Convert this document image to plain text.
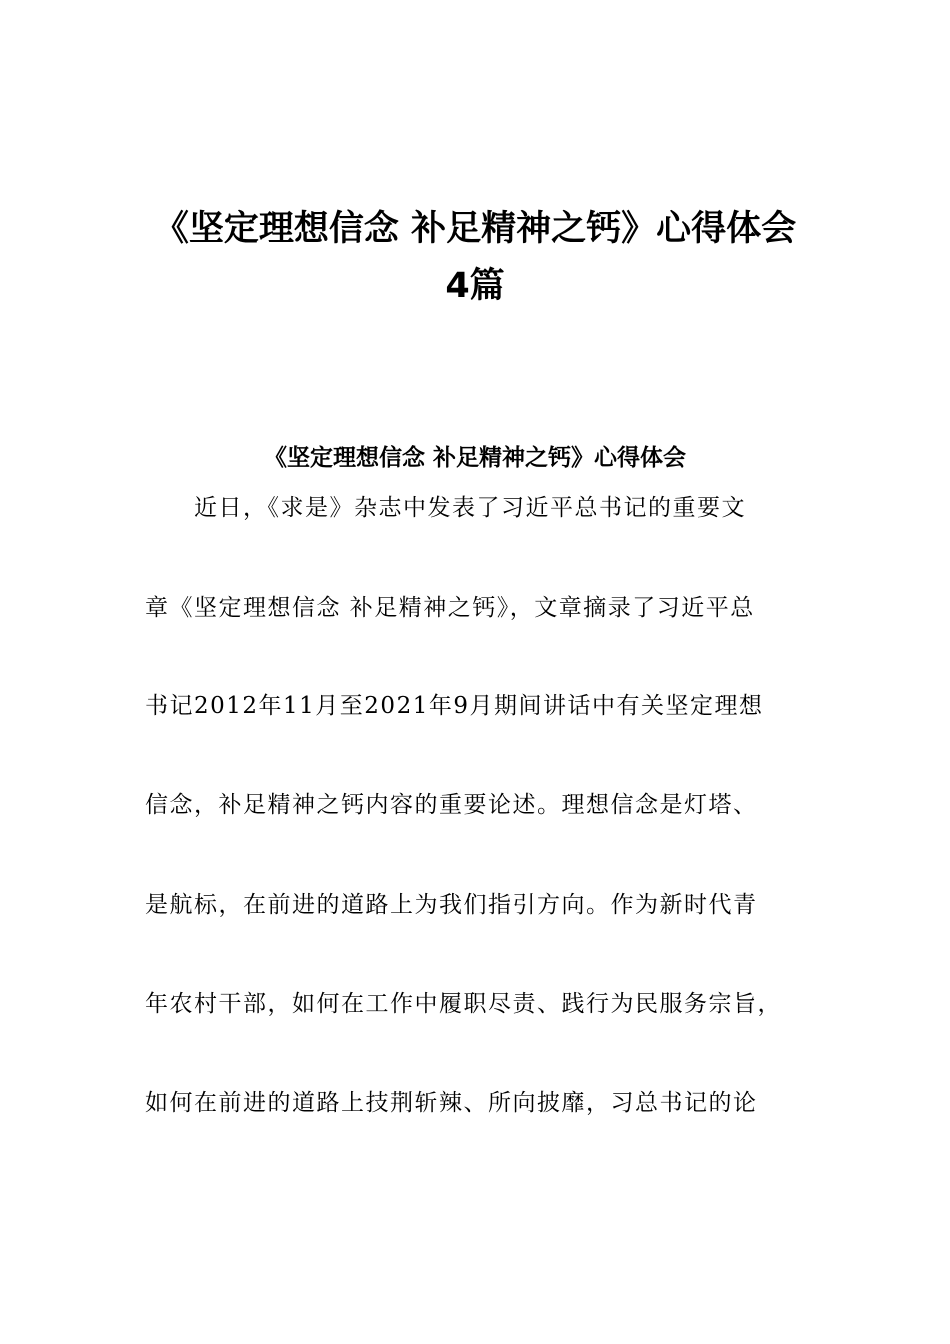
《坚定理想信念 补足精神之钙》心得体会
4篇
《坚定理想信念 补足精神之钙》心得体会

　　近日，《求是》杂志中发表了习近平总书记的重要文

章《坚定理想信念 补足精神之钙》，文章摘录了习近平总

书记2012年11月至2021年9月期间讲话中有关坚定理想

信念，补足精神之钙内容的重要论述。理想信念是灯塔、

是航标，在前进的道路上为我们指引方向。作为新时代青

年农村干部，如何在工作中履职尽责、践行为民服务宗旨，

如何在前进的道路上技荆斩辣、所向披靡，习总书记的论
